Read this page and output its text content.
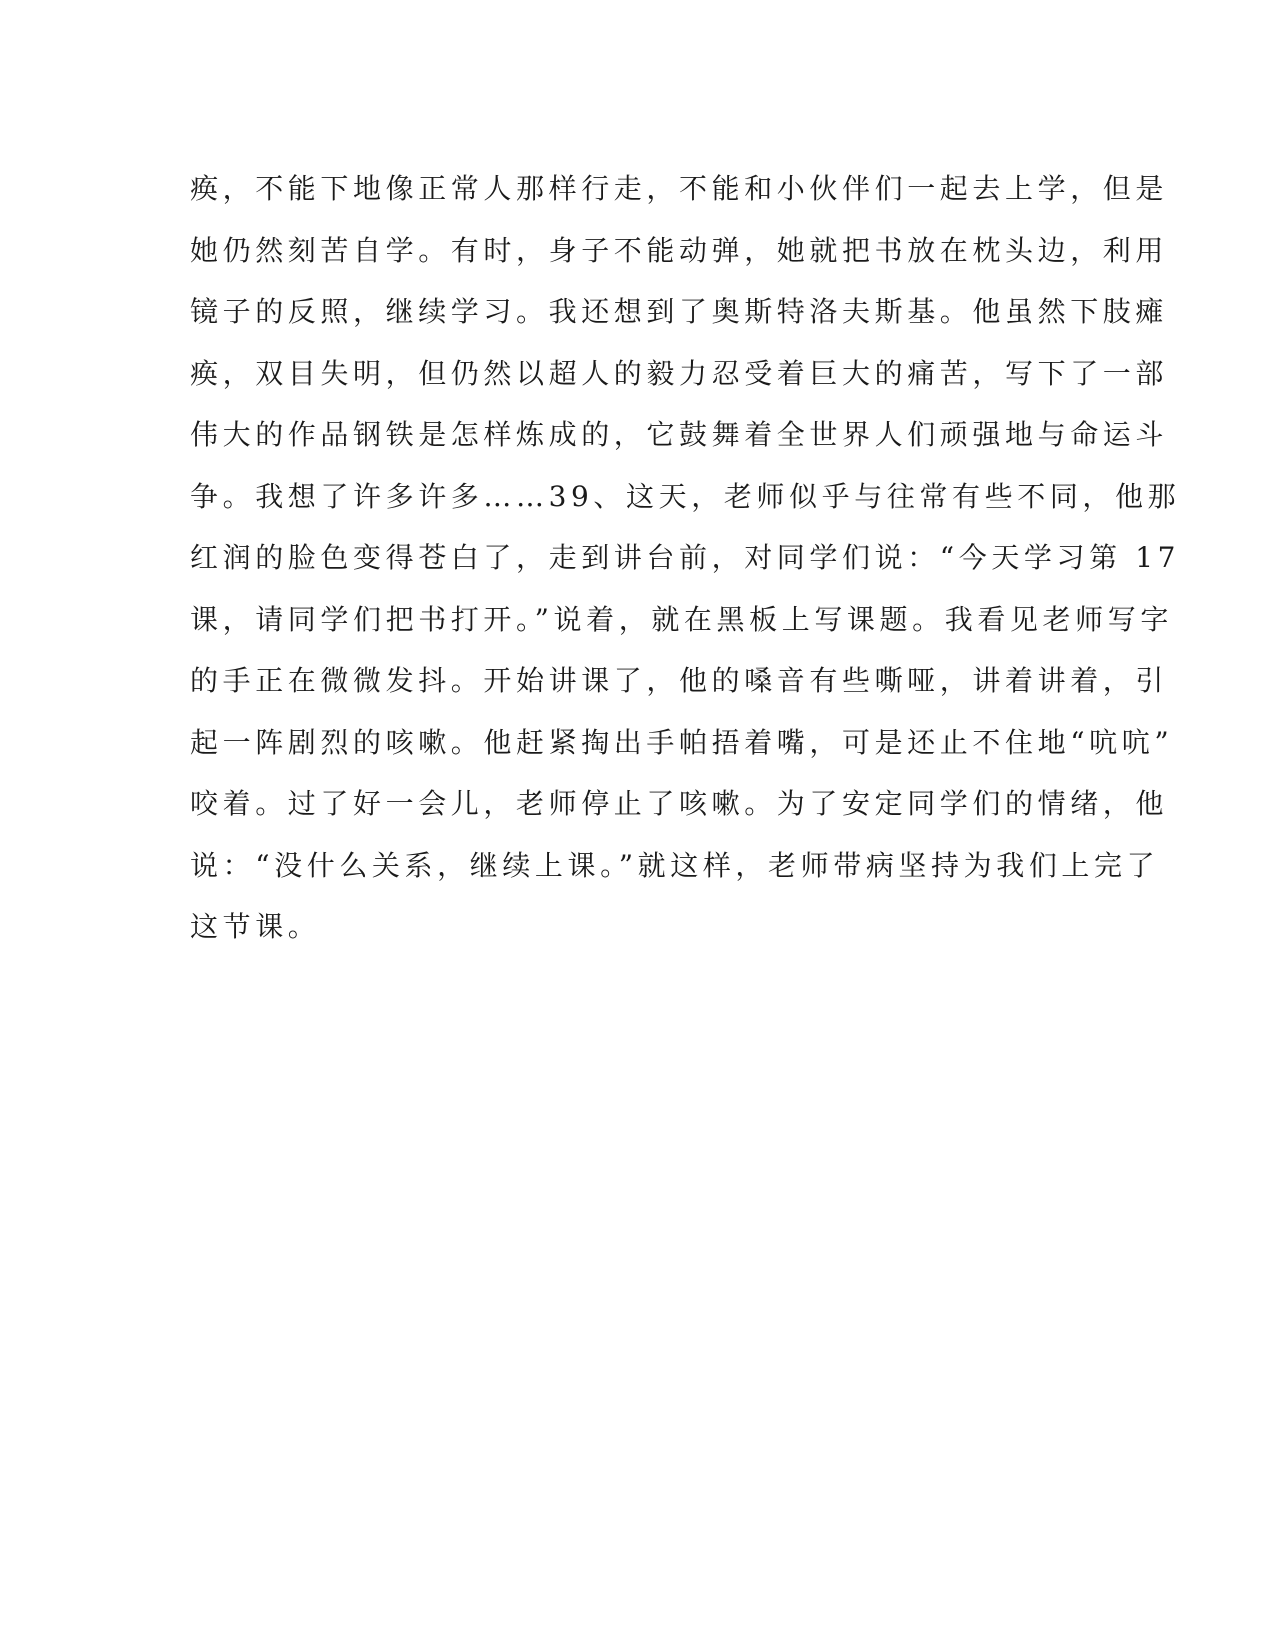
痪，不能下地像正常人那样行走，不能和小伙伴们一起去上学，但是
她仍然刻苦自学。有时，身子不能动弹，她就把书放在枕头边，利用
镜子的反照，继续学习。我还想到了奥斯特洛夫斯基。他虽然下肢瘫
痪，双目失明，但仍然以超人的毅力忍受着巨大的痛苦，写下了一部
伟大的作品钢铁是怎样炼成的，它鼓舞着全世界人们顽强地与命运斗
争。我想了许多许多……39、这天，老师似乎与往常有些不同，他那
红润的脸色变得苍白了，走到讲台前，对同学们说：“今天学习第 17
课，请同学们把书打开。”说着，就在黑板上写课题。我看见老师写字
的手正在微微发抖。开始讲课了，他的嗓音有些嘶哑，讲着讲着，引
起一阵剧烈的咳嗽。他赶紧掏出手帕捂着嘴，可是还止不住地“吭吭”
咬着。过了好一会儿，老师停止了咳嗽。为了安定同学们的情绪，他
说：“没什么关系，继续上课。”就这样，老师带病坚持为我们上完了
这节课。
